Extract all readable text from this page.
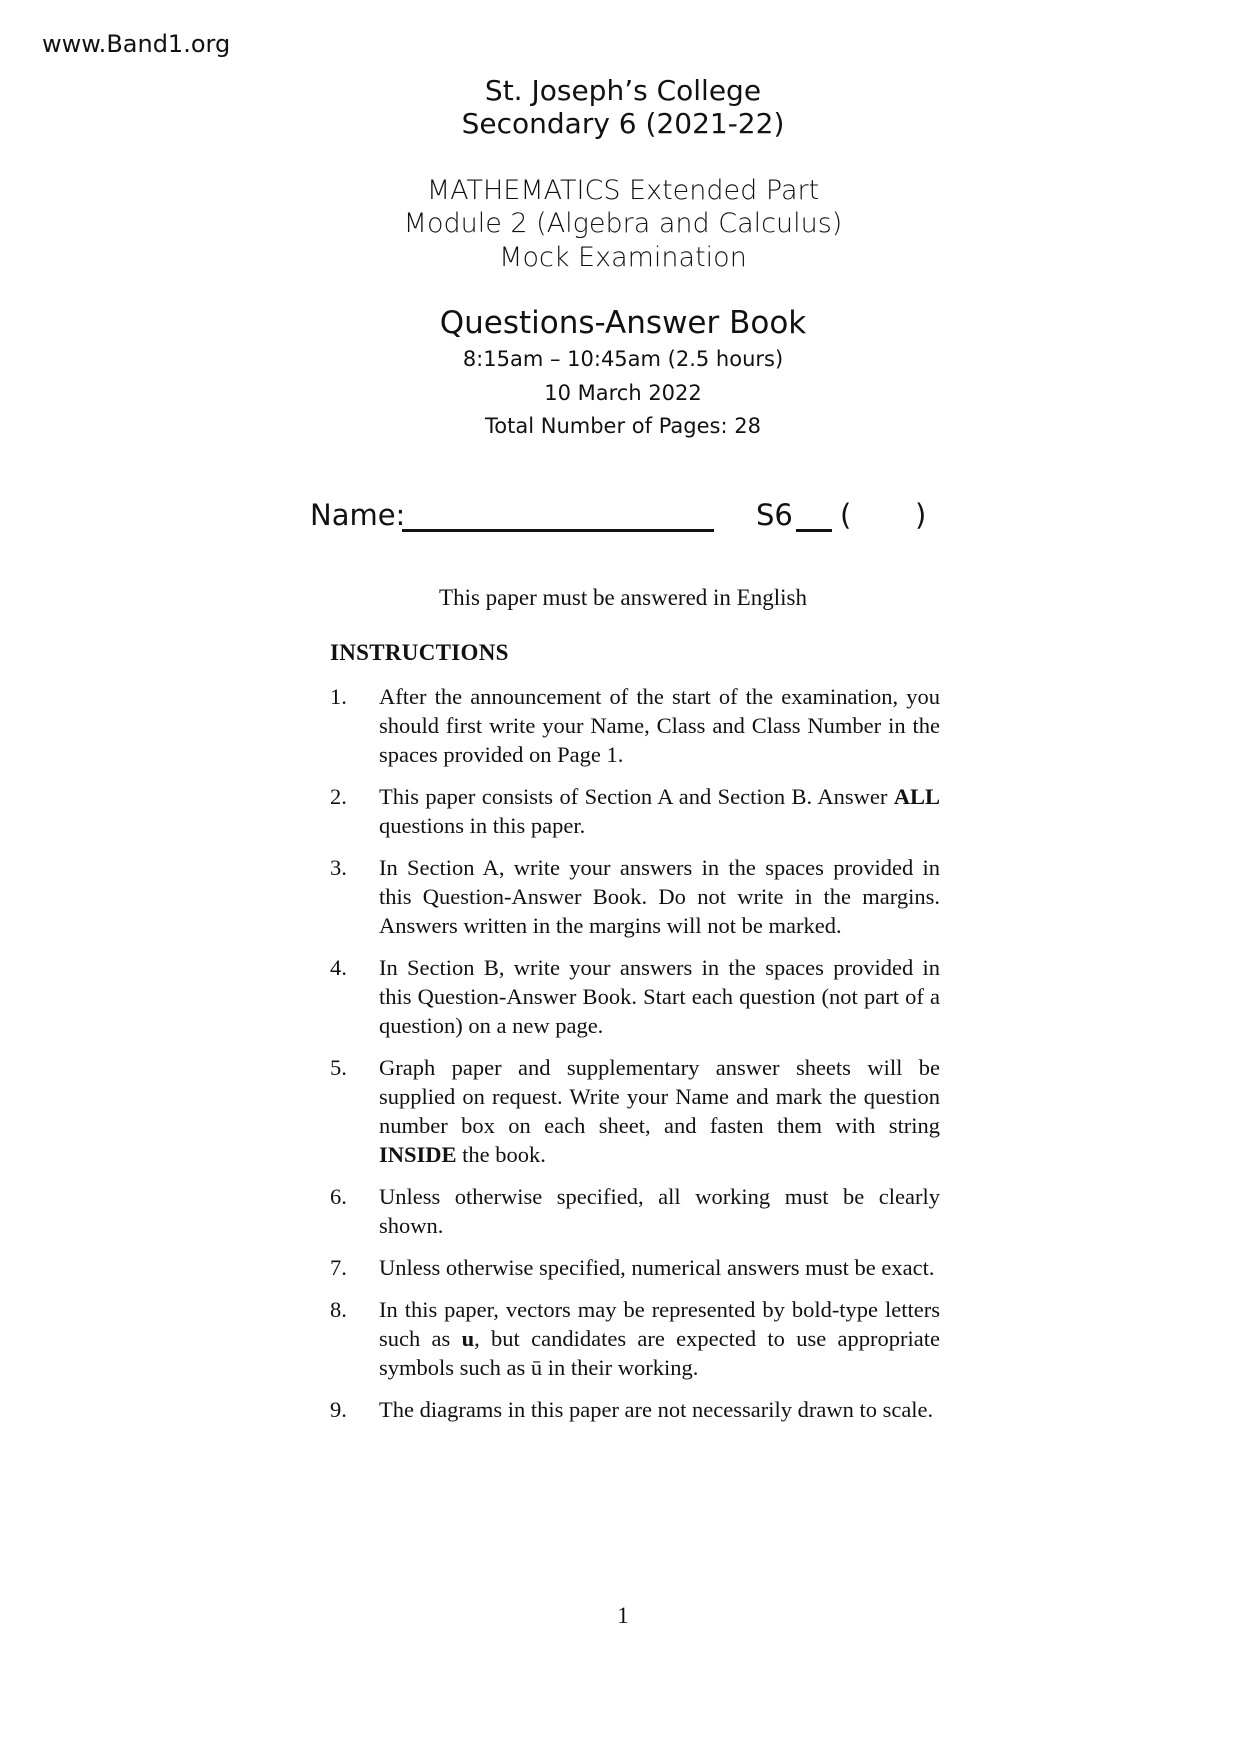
www.Band1.org
St. Joseph’s College
Secondary 6 (2021-22)
MATHEMATICS Extended Part
Module 2 (Algebra and Calculus)
Mock Examination
Questions-Answer Book
8:15am – 10:45am (2.5 hours)
10 March 2022
Total Number of Pages: 28
Name:	S6 ( )
This paper must be answered in English
INSTRUCTIONS
1. After the announcement of the start of the examination, you should first write your Name, Class and Class Number in the spaces provided on Page 1.
2. This paper consists of Section A and Section B. Answer ALL questions in this paper.
3. In Section A, write your answers in the spaces provided in this Question-Answer Book. Do not write in the margins. Answers written in the margins will not be marked.
4. In Section B, write your answers in the spaces provided in this Question-Answer Book. Start each question (not part of a question) on a new page.
5. Graph paper and supplementary answer sheets will be supplied on request. Write your Name and mark the question number box on each sheet, and fasten them with string INSIDE the book.
6. Unless otherwise specified, all working must be clearly shown.
7. Unless otherwise specified, numerical answers must be exact.
8. In this paper, vectors may be represented by bold-type letters such as u, but candidates are expected to use appropriate symbols such as ū in their working.
9. The diagrams in this paper are not necessarily drawn to scale.
1
